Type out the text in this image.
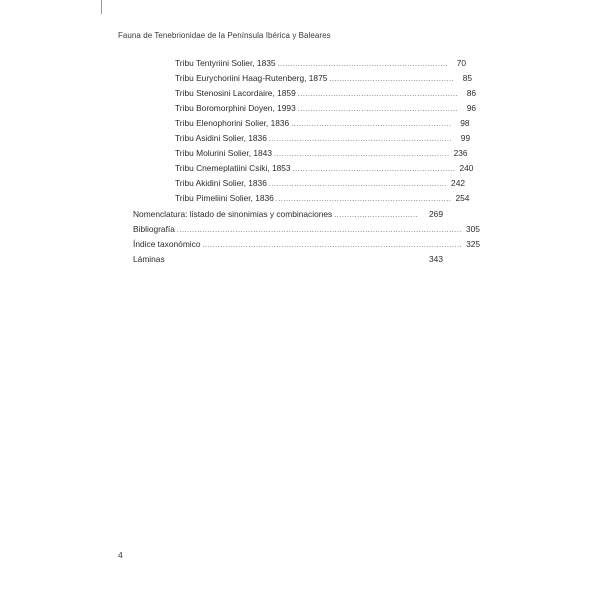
Fauna de Tenebrionidae de la Península Ibérica y Baleares
Tribu Tentyriini Solier, 1835 ...................................................................	70
Tribu Eurychoriini Haag-Rutenberg, 1875 .................................................	85
Tribu Stenosini Lacordaire, 1859 ...............................................................	86
Tribu Boromorphini Doyen, 1993 ...............................................................	96
Tribu Elenophorini Solier, 1836 ...............................................................	98
Tribu Asidini Solier, 1836 ........................................................................	99
Tribu Molurini Solier, 1843 ..................................................................... 236
Tribu Cnemeplatiini Csiki, 1853 ................................................................ 240
Tribu Akidini Solier, 1836 ...................................................................... 242
Tribu Pimeliini Solier, 1836 ..................................................................... 254
Nomenclatura: listado de sinonimias y combinaciones .................................	269
Bibliografía ................................................................................................................ 305
Índice taxonómico ...................................................................................................... 325
Láminas	343
4
